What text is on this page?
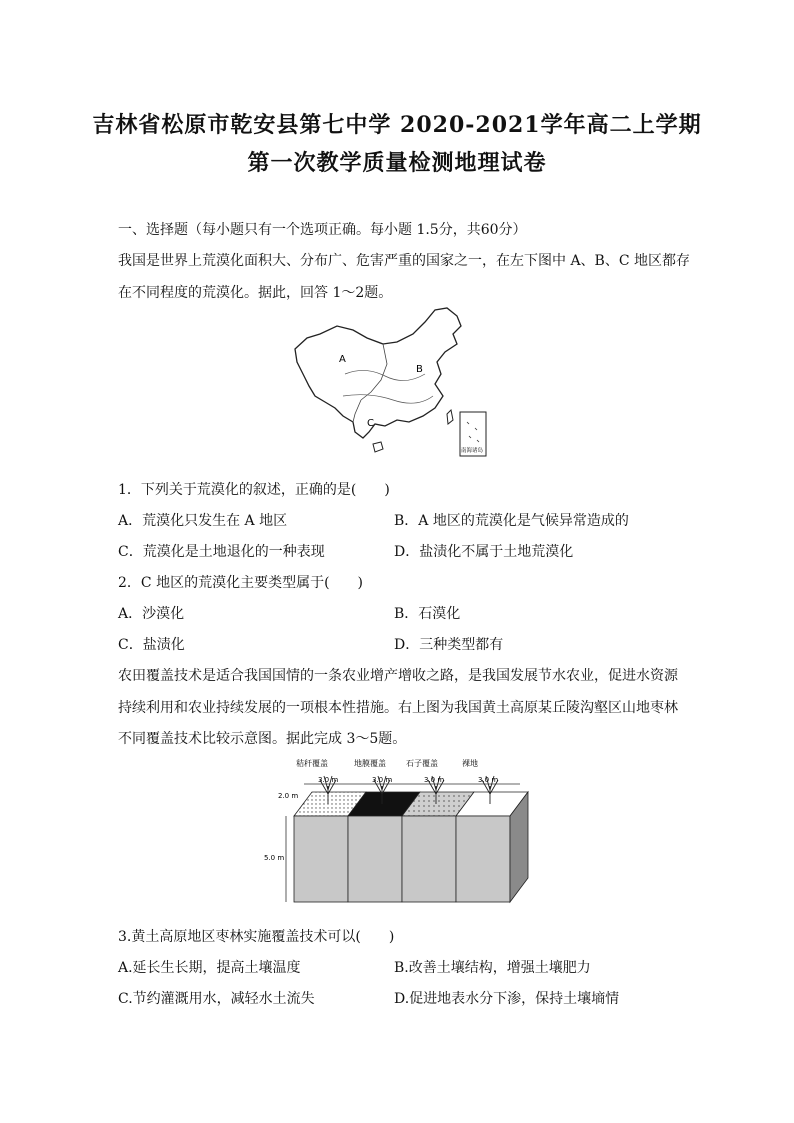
吉林省松原市乾安县第七中学 2020-2021学年高二上学期
第一次教学质量检测地理试卷
一、选择题（每小题只有一个选项正确。每小题 1.5分，共60分）
我国是世界上荒漠化面积大、分布广、危害严重的国家之一，在左下图中 A、B、C 地区都存
在不同程度的荒漠化。据此，回答 1～2题。
A
B
C
南海诸岛
1．下列关于荒漠化的叙述，正确的是(　　)
A．荒漠化只发生在 A 地区	B．A 地区的荒漠化是气候异常造成的
C．荒漠化是土地退化的一种表现	D．盐渍化不属于土地荒漠化
2．C 地区的荒漠化主要类型属于(　　)
A．沙漠化	B．石漠化
C．盐渍化	D．三种类型都有
农田覆盖技术是适合我国国情的一条农业增产增收之路，是我国发展节水农业，促进水资源
持续利用和农业持续发展的一项根本性措施。右上图为我国黄土高原某丘陵沟壑区山地枣林
不同覆盖技术比较示意图。据此完成 3～5题。
秸秆覆盖	地膜覆盖	石子覆盖	裸地
3.0 m	3.0 m	3.0 m	3.0 m
2.0 m
5.0 m
3.黄土高原地区枣林实施覆盖技术可以(　　)
A.延长生长期，提高土壤温度	B.改善土壤结构，增强土壤肥力
C.节约灌溉用水，减轻水土流失	D.促进地表水分下渗，保持土壤墒情
